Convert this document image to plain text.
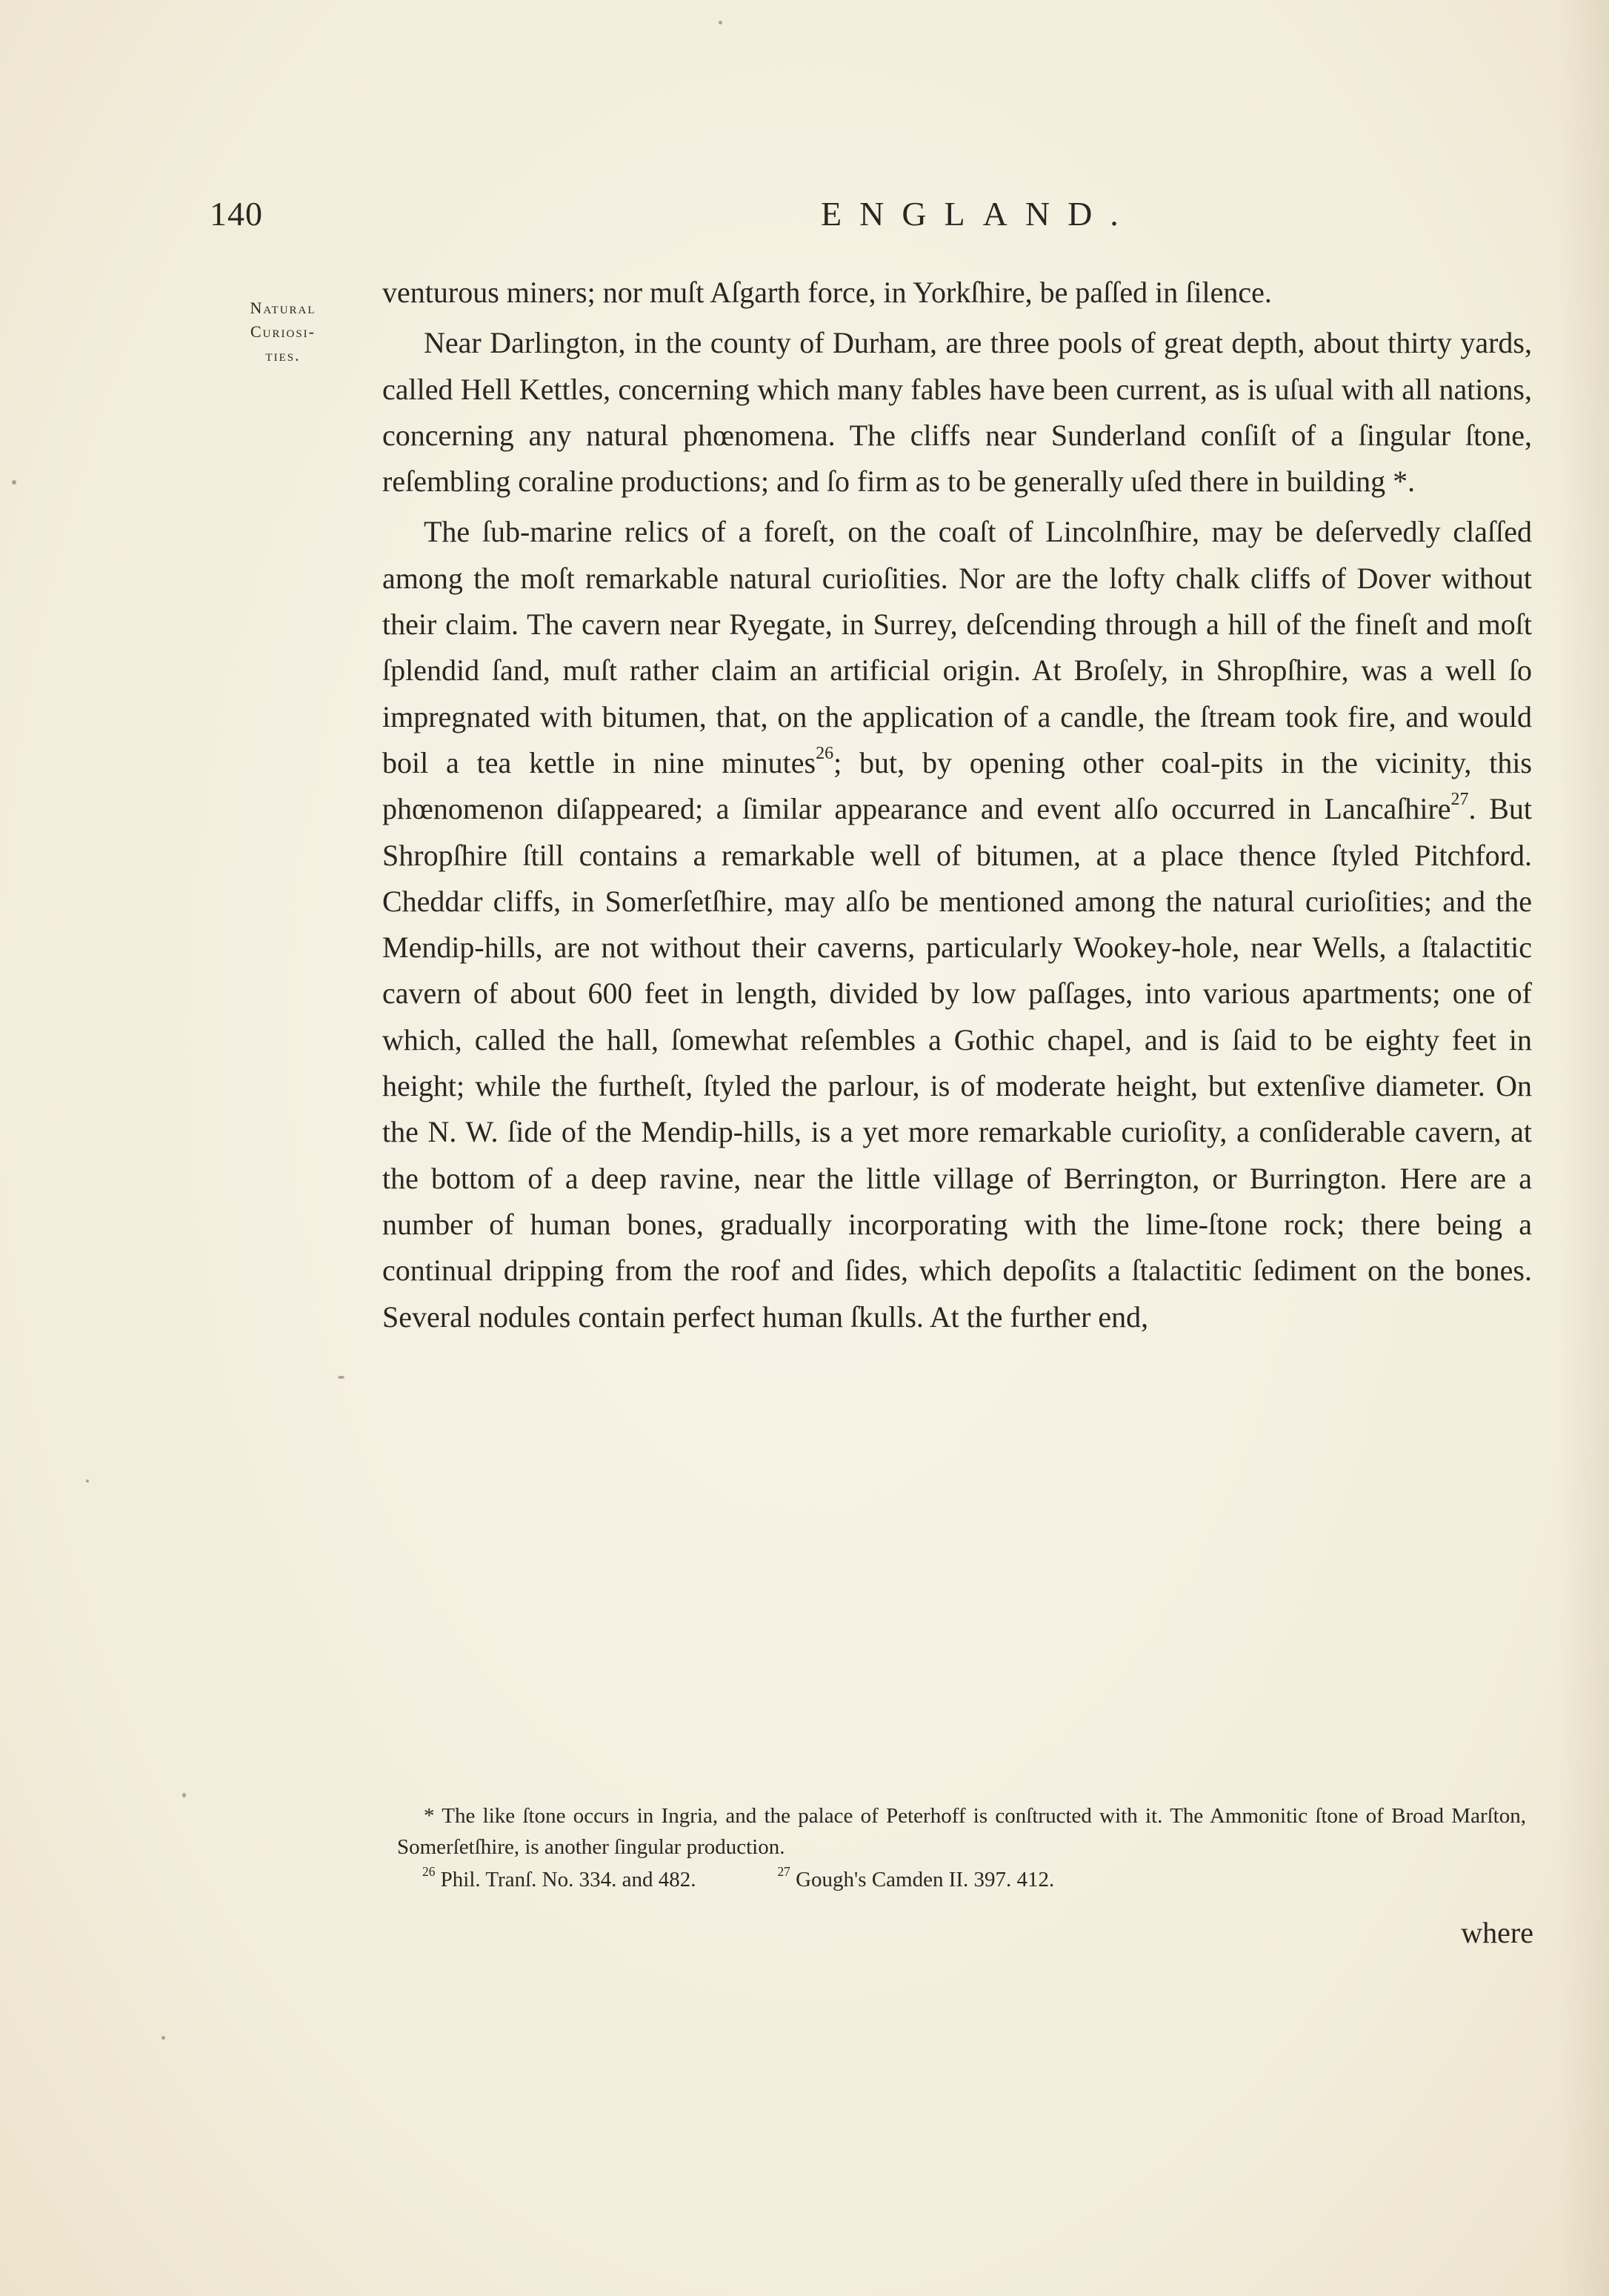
140	ENGLAND.
Natural
Curiosi-
ties.

venturous miners; nor muſt Aſgarth force, in Yorkſhire, be paſſed in ſilence.

Near Darlington, in the county of Durham, are three pools of great depth, about thirty yards, called Hell Kettles, concerning which many fables have been current, as is uſual with all nations, concerning any natural phœnomena. The cliffs near Sunderland conſiſt of a ſingular ſtone, reſembling coraline productions; and ſo firm as to be generally uſed there in building *.

The ſub-marine relics of a foreſt, on the coaſt of Lincolnſhire, may be deſervedly claſſed among the moſt remarkable natural curioſities. Nor are the lofty chalk cliffs of Dover without their claim. The cavern near Ryegate, in Surrey, deſcending through a hill of the fineſt and moſt ſplendid ſand, muſt rather claim an artificial origin. At Broſely, in Shropſhire, was a well ſo impregnated with bitumen, that, on the application of a candle, the ſtream took fire, and would boil a tea kettle in nine minutes$^{26}$; but, by opening other coal-pits in the vicinity, this phœnomenon diſappeared; a ſimilar appearance and event alſo occurred in Lancaſhire$^{27}$. But Shropſhire ſtill contains a remarkable well of bitumen, at a place thence ſtyled Pitchford. Cheddar cliffs, in Somerſetſhire, may alſo be mentioned among the natural curioſities; and the Mendip-hills, are not without their caverns, particularly Wookey-hole, near Wells, a ſtalactitic cavern of about 600 feet in length, divided by low paſſages, into various apartments; one of which, called the hall, ſomewhat reſembles a Gothic chapel, and is ſaid to be eighty feet in height; while the furtheſt, ſtyled the parlour, is of moderate height, but extenſive diameter. On the N. W. ſide of the Mendip-hills, is a yet more remarkable curioſity, a conſiderable cavern, at the bottom of a deep ravine, near the little village of Berrington, or Burrington. Here are a number of human bones, gradually incorporating with the lime-ſtone rock; there being a continual dripping from the roof and ſides, which depoſits a ſtalactitic ſediment on the bones. Several nodules contain perfect human ſkulls. At the further end,

* The like ſtone occurs in Ingria, and the palace of Peterhoff is conſtructed with it. The Ammonitic ſtone of Broad Marſton, Somerſetſhire, is another ſingular production.

$^{26}$ Phil. Tranſ. No. 334. and 482.	$^{27}$ Gough's Camden II. 397. 412.
where
